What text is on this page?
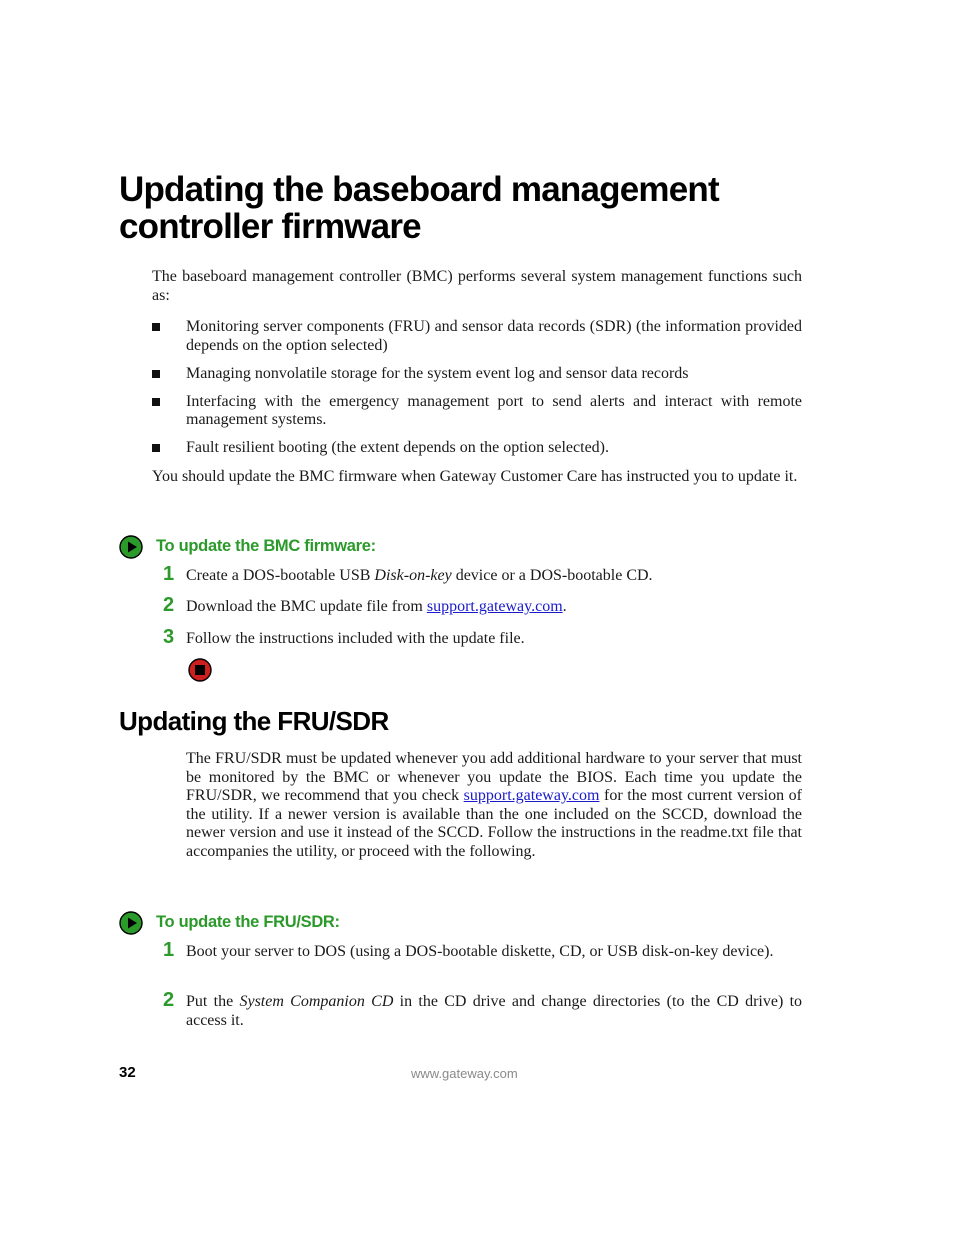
Updating the baseboard management controller firmware
The baseboard management controller (BMC) performs several system management functions such as:
Monitoring server components (FRU) and sensor data records (SDR) (the information provided depends on the option selected)
Managing nonvolatile storage for the system event log and sensor data records
Interfacing with the emergency management port to send alerts and interact with remote management systems.
Fault resilient booting (the extent depends on the option selected).
You should update the BMC firmware when Gateway Customer Care has instructed you to update it.
To update the BMC firmware:
1 Create a DOS-bootable USB Disk-on-key device or a DOS-bootable CD.
2 Download the BMC update file from support.gateway.com.
3 Follow the instructions included with the update file.
Updating the FRU/SDR
The FRU/SDR must be updated whenever you add additional hardware to your server that must be monitored by the BMC or whenever you update the BIOS. Each time you update the FRU/SDR, we recommend that you check support.gateway.com for the most current version of the utility. If a newer version is available than the one included on the SCCD, download the newer version and use it instead of the SCCD. Follow the instructions in the readme.txt file that accompanies the utility, or proceed with the following.
To update the FRU/SDR:
1 Boot your server to DOS (using a DOS-bootable diskette, CD, or USB disk-on-key device).
2 Put the System Companion CD in the CD drive and change directories (to the CD drive) to access it.
32	www.gateway.com
